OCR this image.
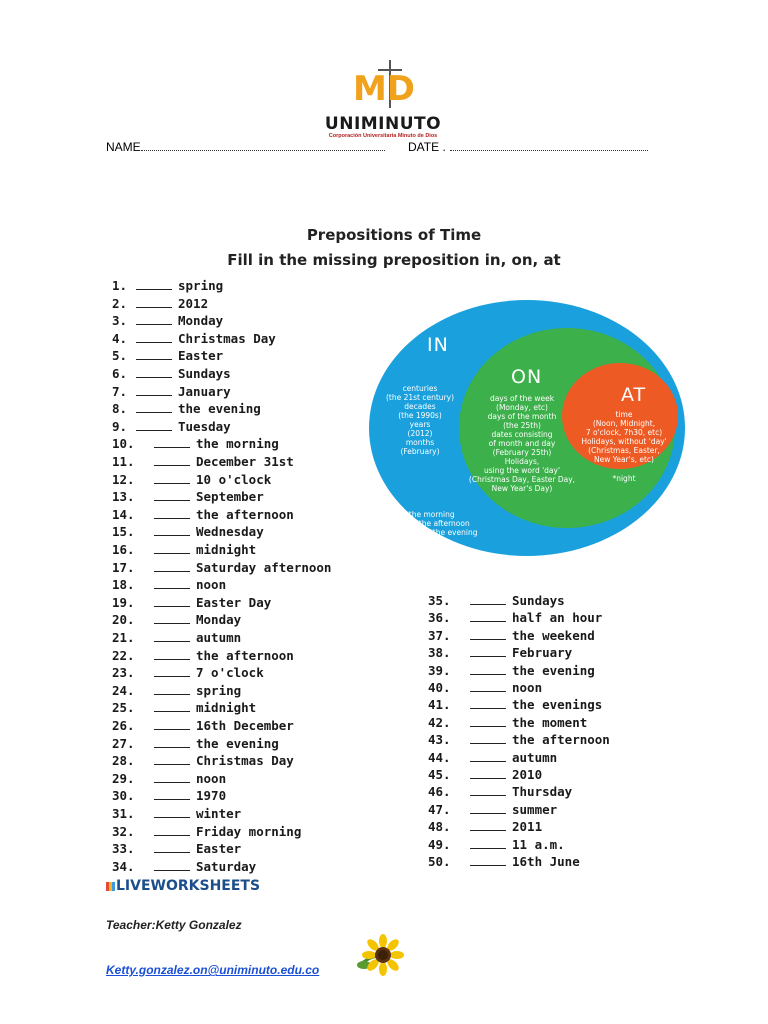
MD
UNIMINUTO
Corporación Universitaria Minuto de Dios
NAME	DATE .
Prepositions of Time
Fill in the missing preposition in, on, at
1.	spring
2.	2012
3.	Monday
4.	Christmas Day
5.	Easter
6.	Sundays
7.	January
8.	the evening
9.	Tuesday
10.	the morning
11.	December 31st
12.	10 o'clock
13.	September
14.	the afternoon
15.	Wednesday
16.	midnight
17.	Saturday afternoon
18.	noon
19.	Easter Day
20.	Monday
21.	autumn
22.	the afternoon
23.	7 o'clock
24.	spring
25.	midnight
26.	16th December
27.	the evening
28.	Christmas Day
29.	noon
30.	1970
31.	winter
32.	Friday morning
33.	Easter
34.	Saturday
35.	Sundays
36.	half an hour
37.	the weekend
38.	February
39.	the evening
40.	noon
41.	the evenings
42.	the moment
43.	the afternoon
44.	autumn
45.	2010
46.	Thursday
47.	summer
48.	2011
49.	11 a.m.
50.	16th June
IN
ON
AT
centuries
(the 21st century)
decades
(the 1990s)
years
(2012)
months
(February)
*the morning
*the afternoon
*the evening
days of the week
(Monday, etc)
days of the month
(the 25th)
dates consisting
of month and day
(February 25th)
Holidays,
using the word 'day'
(Christmas Day, Easter Day,
New Year's Day)
time
(Noon, Midnight,
7 o'clock, 7h30, etc)
Holidays, without 'day'
(Christmas, Easter,
New Year's, etc)
*night
LIVEWORKSHEETS
Teacher:Ketty Gonzalez
Ketty.gonzalez.on@uniminuto.edu.co
